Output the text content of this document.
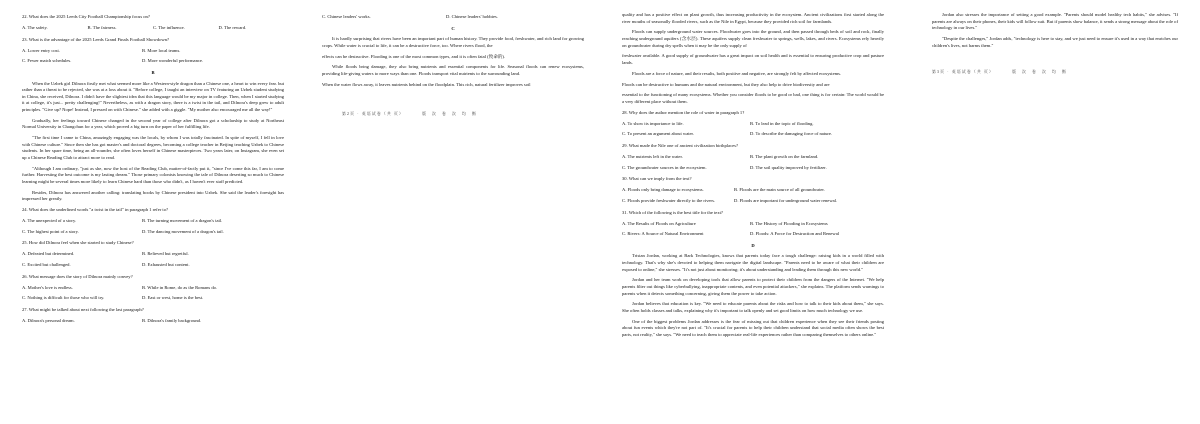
22. What does the 2025 Leeds City Football Championship focus on?
A. The safety.	B. The fairness.	C. The influence.	D. The reward.
23. What is the advantage of the 2025 Leeds Grand Finals Football Showdown?
A. Lower entry cost.	B. More local teams.
C. Fewer match schedules.	D. More wonderful performance.
B

When the Uzbek girl Dilnora firstly met what seemed more like a Western-style dragon than a Chinese one, a heart to win every fear. but rather than a threat to be rejected, she was at a loss about it. "Before college, I taught an interview on TV featuring an Uzbek student studying in China, she received, Dilnora. I didn't have the slightest idea that this language would be my major in college. Then, when I started studying it at college, it's just... pretty challenging!" Nevertheless, as with a dragon story, there is a twist in the tail, and Dilnora's deep grew to adult principles. "Give up? Nope! Instead, I pressed on with Chinese." she added with a giggle. "My mother also encouraged me all the way!"

Gradually, her feelings toward Chinese changed in the second year of college after Dilnora got a scholarship to study at Northeast Normal University in Changchun for a year, which proved a big turn on the paper of her fulfilling life.

"The first time I came to China, amazingly engaging was the locals, by whom I was totally fascinated. In spite of myself, I fell in love with Chinese culture." Since then she has got master's and doctoral degrees, becoming a college teacher in Beijing teaching Uzbek to Chinese students. In her spare time, being an all-rounder, she often loves herself in Chinese masterpieces. Two years later, on Instagram, she even set up a Chinese Reading Club to attract more to read.

"Although I am ordinary, "just as she, now the host of the Reading Club, matter-of-factly put it, "since I've come this far, I am to come further. Harvesting the best outcome is my lasting dream." Those primary colonists knowing the tale of Dilnora deserting so much to Chinese learning might be several times more likely to learn Chinese hard than those who didn't, as I haven't ever staff predicted.

Besides, Dilnora has answered another calling: translating books by Chinese president into Uzbek. She said the leader's foresight has impressed her greatly.

24. What does the underlined words "a twist in the tail" in paragraph 1 refer to?
A. The unexpected of a story.	B. The turning movement of a dragon's tail.
C. The highest point of a story.	D. The dancing movement of a dragon's tail.
25. How did Dilnora feel when she started to study Chinese?
A. Defeated but determined.	B. Relieved but regretful.
C. Excited but challenged.	D. Exhausted but content.
26. What message does the story of Dilnora mainly convey?
A. Mother's love is endless.	B. While in Rome, do as the Romans do.
C. Nothing is difficult for those who will try.	D. East or west, home is the best.
27. What might be talked about next following the last paragraph?
A. Dilnora's personal dream.	B. Dilnora's family background.
C. Chinese leaders' works.	D. Chinese leaders' hobbies.
C

It is hardly surprising that rivers have been an important part of human history. They provide food, freshwater, and rich land for growing crops. While water is crucial to life, it can be a destructive force, too. Where rivers flood, the

effects can be destructive. Flooding is one of the most common types, and it is often fatal (致命的).

While floods bring damage, they also bring nutrients and essential components for life. Seasonal floods can renew ecosystems, providing life-giving waters to more ways than one. Floods transport vital nutrients to the surrounding land.

When the water flows away, it leaves nutrients behind on the floodplain. This rich, natural fertilizer improves soil

第2页 · 英语试卷（共 页）　　　　版　次　卷　次　均　衡

quality and has a positive effect on plant growth, thus increasing productivity in the ecosystem. Ancient civilizations first started along the river mouths of seasonally flooded rivers, such as the Nile in Egypt, because they provided rich soil for farmlands.

Floods can supply underground water sources. Floodwater goes into the ground, and then passed through beds of soil and rock, finally reaching underground aquifers (含水层). These aquifers supply clean freshwater to springs, wells, lakes, and rivers. Ecosystems rely heavily on groundwater during dry spells when it may be the only supply of

freshwater available. A good supply of groundwater has a great impact on soil health and is essential to ensuring productive crop and pasture lands.

Floods are a force of nature, and their results, both positive and negative, are strongly felt by affected ecosystems.

Floods can be destructive to humans and the natural environment, but they also help to drive biodiversity and are

essential to the functioning of many ecosystems. Whether you consider floods to be good or bad, one thing is for certain: The world would be a very different place without them.

28. Why does the author mention the role of water in paragraph 1?
A. To show its importance to life.	B. To lead in the topic of flooding.
C. To present an argument about water.	D. To describe the damaging force of nature.
29. What made the Nile one of ancient civilization birthplaces?
A. The nutrients left in the water.	B. The plant growth on the farmland.
C. The groundwater sources in the ecosystem.	D. The soil quality improved by fertilizer.
30. What can we imply from the text?
A. Floods only bring damage to ecosystems.	B. Floods are the main source of all groundwater.
C. Floods provide freshwater directly to the rivers.	D. Floods are important for underground water renewal.
31. Which of the following is the best title for the text?
A. The Results of Floods on Agriculture	B. The History of Flooding in Ecosystems
C. Rivers: A Source of Natural Environment	D. Floods: A Force for Destruction and Renewal
D

Tristan Jordan, working at Bark Technologies, knows that parents today face a tough challenge: raising kids in a world filled with technology. That's why she's devoted to helping them navigate the digital landscape. "Parents need to be aware of what their children are exposed to online," she stresses. "It's not just about monitoring; it's about understanding and leading them through this new world."

Jordan and her team work on developing tools that allow parents to protect their children from the dangers of the Internet. "We help parents filter out things like cyberbullying, inappropriate contents, and even potential attackers," she explains. The platform sends warnings to parents when it detects something concerning, giving them the power to take action.

Jordan believes that education is key. "We need to educate parents about the risks and how to talk to their kids about them," she says. She often holds classes and talks, explaining why it's important to talk openly and set good limits on how much technology we use.

One of the biggest problems Jordan addresses is the fear of missing out that children experience when they see their friends posting about fun events which they're not part of. "It's crucial for parents to help their children understand that social media often shows the best parts, not reality," she says. "We need to teach them to appreciate real-life experiences rather than comparing themselves to others online."

Jordan also stresses the importance of setting a good example. "Parents should model healthy tech habits," she advises. "If parents are always on their phones, their kids will follow suit. But if parents show balance, it sends a strong message about the role of technology in our lives."

"Despite the challenges," Jordan adds, "technology is here to stay, and we just need to ensure it's used in a way that enriches our children's lives, not harms them."

第3页 · 英语试卷（共 页）　　　　版　次　卷　次　均　衡
